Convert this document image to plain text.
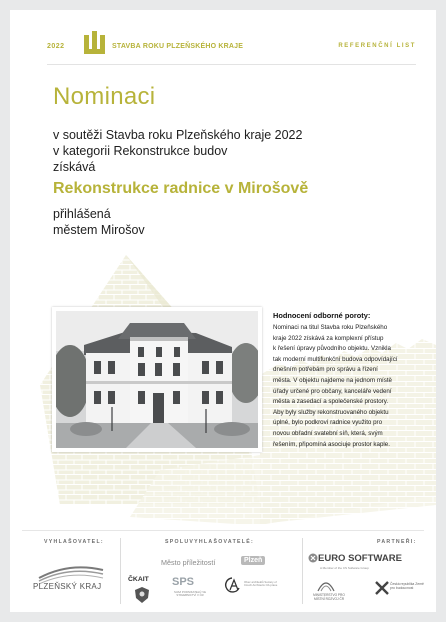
2022	STAVBA ROKU PLZEŇSKÉHO KRAJE	REFERENČNÍ LIST
Nominaci
v soutěži Stavba roku Plzeňského kraje 2022
v kategorii Rekonstrukce budov
získává
Rekonstrukce radnice v Mirošově
přihlášená
městem Mirošov
Hodnocení odborné poroty:
Nominaci na titul Stavba roku Plzeňského
kraje 2022 získává za komplexní přístup
k řešení úpravy původního objektu. Vznikla
tak moderní multifunkční budova odpovídající
dnešním potřebám pro správu a řízení
města. V objektu najdeme na jednom místě
úřady určené pro občany, kanceláře vedení
města a zasedací a společenské prostory.
Aby byly služby rekonstruovaného objektu
úplné, bylo podkroví radnice využito pro
novou obřadní svatební síň, která, svým
řešením, připomíná asociuje prostor kaple.
VYHLAŠOVATEL:
PLZEŇSKÝ KRAJ
SPOLUVYHLAŠOVATELÉ:
Město příležitostí	Plzeň
ČKAIT SPS
SVAZ PODNIKATELŮ VE STAVEBNICTVÍ V ČR
Obec architektů Society of Czech Architects OA praxe
PARTNEŘI:
EURO SOFTWARE
A Member of the CS Software Group
MINISTERSTVO PRO MÍSTNÍ ROZVOJ ČR
Česká republika Země pro budoucnost
